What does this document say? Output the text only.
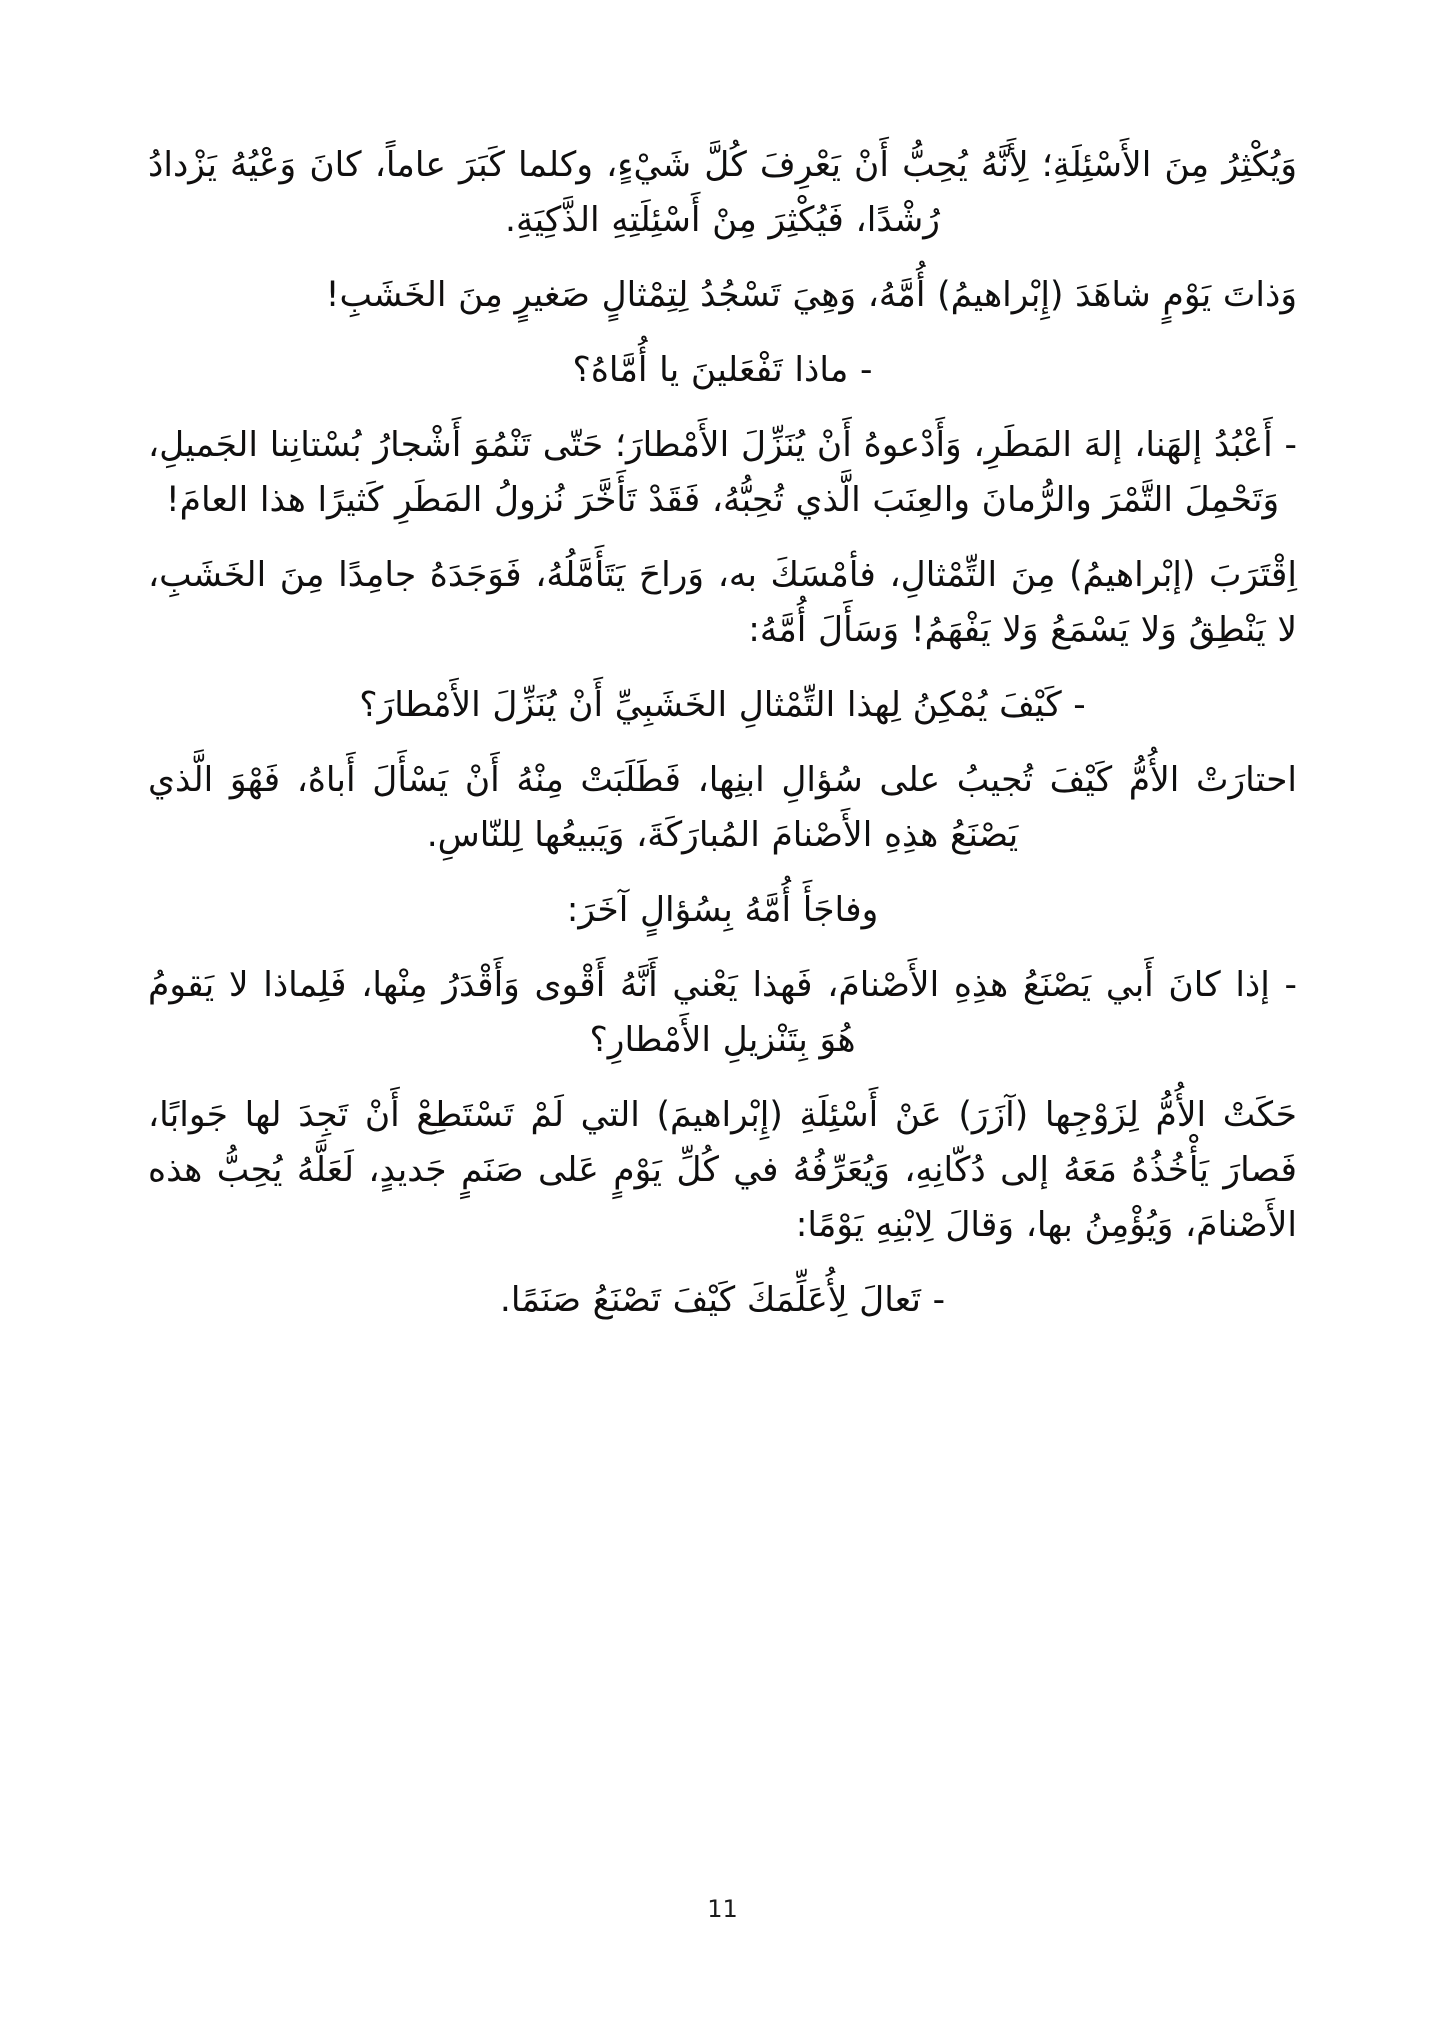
وَيُكْثِرُ مِنَ الأَسْئِلَةِ؛ لِأَنَّهُ يُحِبُّ أَنْ يَعْرِفَ كُلَّ شَيْءٍ، وكلما كَبَرَ عاماً، كانَ وَعْيُهُ يَزْدادُ رُشْدًا، فَيُكْثِرَ مِنْ أَسْئِلَتِهِ الذَّكِيَةِ.

وَذاتَ يَوْمٍ شاهَدَ (إِبْراهيمُ) أُمَّهُ، وَهِيَ تَسْجُدُ لِتِمْثالٍ صَغيرٍ مِنَ الخَشَبِ!

- ماذا تَفْعَلينَ يا أُمَّاهُ؟

- أَعْبُدُ إلهَنا، إلهَ المَطَرِ، وَأَدْعوهُ أَنْ يُنَزِّلَ الأَمْطارَ؛ حَتّى تَنْمُوَ أَشْجارُ بُسْتانِنا الجَميلِ، وَتَحْمِلَ التَّمْرَ والرُّمانَ والعِنَبَ الَّذي تُحِبُّهُ، فَقَدْ تَأَخَّرَ نُزولُ المَطَرِ كَثيرًا هذا العامَ!

اِقْتَرَبَ (إبْراهيمُ) مِنَ التِّمْثالِ، فأمْسَكَ به، وَراحَ يَتَأَمَّلُهُ، فَوَجَدَهُ جامِدًا مِنَ الخَشَبِ، لا يَنْطِقُ وَلا يَسْمَعُ وَلا يَفْهَمُ! وَسَأَلَ أُمَّهُ:

- كَيْفَ يُمْكِنُ لِهذا التِّمْثالِ الخَشَبِيِّ أَنْ يُنَزِّلَ الأَمْطارَ؟

احتارَتْ الأُمُّ كَيْفَ تُجيبُ على سُؤالِ ابنِها، فَطَلَبَتْ مِنْهُ أَنْ يَسْأَلَ أَباهُ، فَهْوَ الَّذي يَصْنَعُ هذِهِ الأَصْنامَ المُبارَكَةَ، وَيَبيعُها لِلنّاسِ.

وفاجَأَ أُمَّهُ بِسُؤالٍ آخَرَ:

- إذا كانَ أَبي يَصْنَعُ هذِهِ الأَصْنامَ، فَهذا يَعْني أَنَّهُ أَقْوى وَأَقْدَرُ مِنْها، فَلِماذا لا يَقومُ هُوَ بِتَنْزيلِ الأَمْطارِ؟

حَكَتْ الأُمُّ لِزَوْجِها (آزَرَ) عَنْ أَسْئِلَةِ (إِبْراهيمَ) التي لَمْ تَسْتَطِعْ أَنْ تَجِدَ لها جَوابًا، فَصارَ يَأْخُذُهُ مَعَهُ إلى دُكّانِهِ، وَيُعَرِّفُهُ في كُلِّ يَوْمٍ عَلى صَنَمٍ جَديدٍ، لَعَلَّهُ يُحِبُّ هذه الأَصْنامَ، وَيُؤْمِنُ بها، وَقالَ لِابْنِهِ يَوْمًا:

- تَعالَ لِأُعَلِّمَكَ كَيْفَ تَصْنَعُ صَنَمًا.

11
